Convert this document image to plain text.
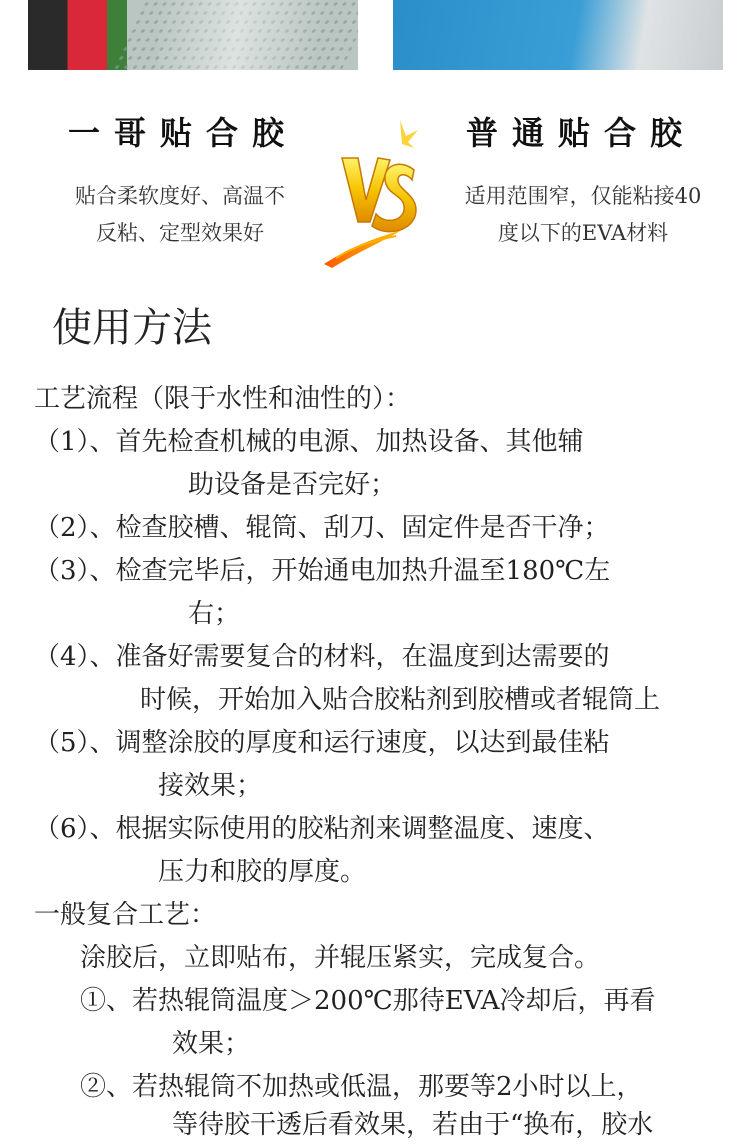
一哥贴合胶	普通贴合胶
贴合柔软度好、高温不
反粘、定型效果好
适用范围窄，仅能粘接40
度以下的EVA材料
使用方法
工艺流程（限于水性和油性的）：
（1）、首先检查机械的电源、加热设备、其他辅
助设备是否完好；
（2）、检查胶槽、辊筒、刮刀、固定件是否干净；
（3）、检查完毕后，开始通电加热升温至180℃左
右；
（4）、准备好需要复合的材料，在温度到达需要的
时候，开始加入贴合胶粘剂到胶槽或者辊筒上
（5）、调整涂胶的厚度和运行速度，以达到最佳粘
接效果；
（6）、根据实际使用的胶粘剂来调整温度、速度、
压力和胶的厚度。
一般复合工艺：
涂胶后，立即贴布，并辊压紧实，完成复合。
①、若热辊筒温度＞200℃那待EVA冷却后，再看
效果；
②、若热辊筒不加热或低温，那要等2小时以上，
等待胶干透后看效果，若由于“换布，胶水
